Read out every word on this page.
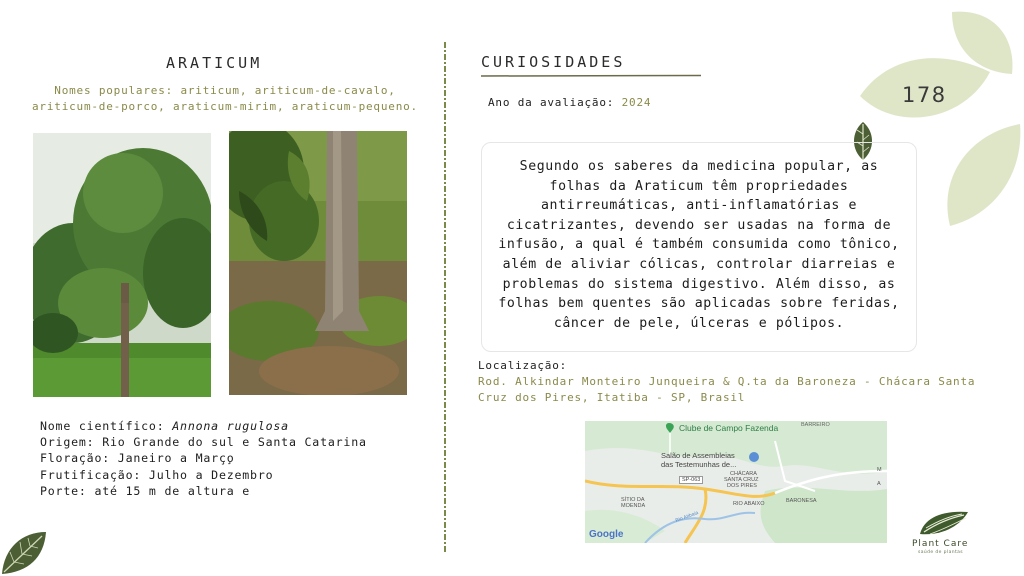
ARATICUM
Nomes populares: ariticum, ariticum-de-cavalo,
ariticum-de-porco, araticum-mirim, araticum-pequeno.
Nome científico: Annona rugulosa
Origem: Rio Grande do sul e Santa Catarina
Floração: Janeiro a Març̧o
Frutificação: Julho a Dezembro
Porte: até 15 m de altura e
CURIOSIDADES
Ano da avaliação: 2024	178
Segundo os saberes da medicina popular, as
folhas da Araticum têm propriedades
antirreumáticas, anti-inflamatórias e
cicatrizantes, devendo ser usadas na forma de
infusão, a qual é também consumida como tônico,
além de aliviar cólicas, controlar diarreias e
problemas do sistema digestivo. Além disso, as
folhas bem quentes são aplicadas sobre feridas,
câncer de pele, úlceras e pólipos.
Localização:
Rod. Alkindar Monteiro Junqueira & Q.ta da Baroneza - Chácara Santa
Cruz dos Pires, Itatiba - SP, Brasil
Clube de Campo Fazenda	BARREIRO
Salão de Assembleias
das Testemunhas de...
SP-063
CHÁCARA
SANTA CRUZ
DOS PIRES
BARONESA
M
A
SÍTIO DA
MOENDA	RIO ABAIXO
Rio Atibaia
Google
Plant Care
saúde de plantas
